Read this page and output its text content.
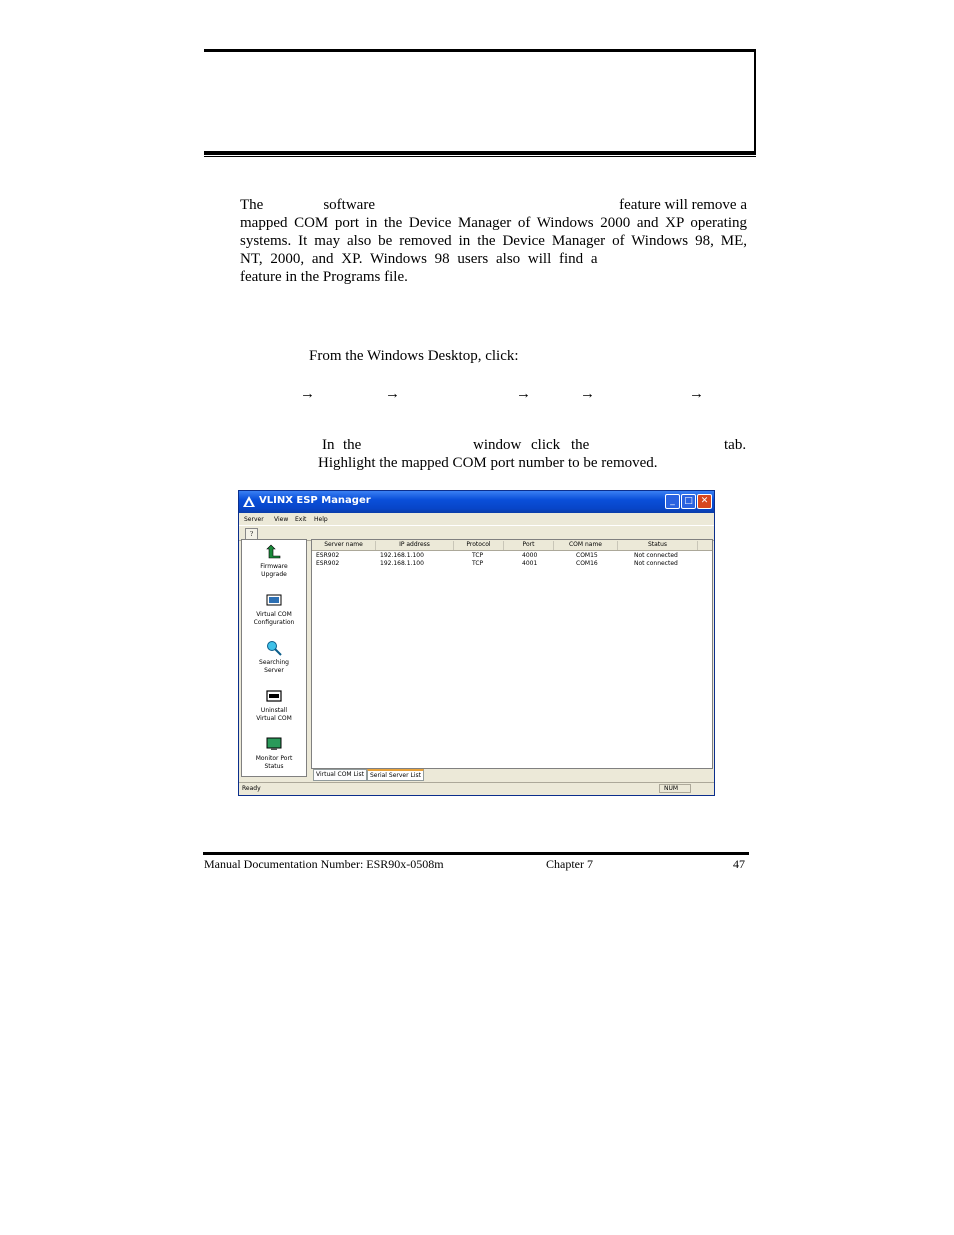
The	software	feature will remove a
mapped COM port in the Device Manager of Windows 2000 and XP operating
systems. It may also be removed in the Device Manager of Windows 98, ME,
NT, 2000, and XP. Windows 98 users also will find a
feature in the Programs file.
From the Windows Desktop, click:
→	→	→	→	→
In the	window click the	tab.
Highlight the mapped COM port number to be removed.
VLINX ESP Manager	_	□ ✕
Server View Exit Help
?
Firmware
Upgrade
Virtual COM
Configuration
Searching
Server
Uninstall
Virtual COM
Monitor Port
Status
Server name	IP address	Protocol	Port	COM name	Status
ESR902	192.168.1.100	TCP	4000	COM15	Not connected
ESR902	192.168.1.100	TCP	4001	COM16	Not connected
Virtual COM List	Serial Server List
Ready	NUM
Manual Documentation Number: ESR90x-0508m	Chapter 7	47
